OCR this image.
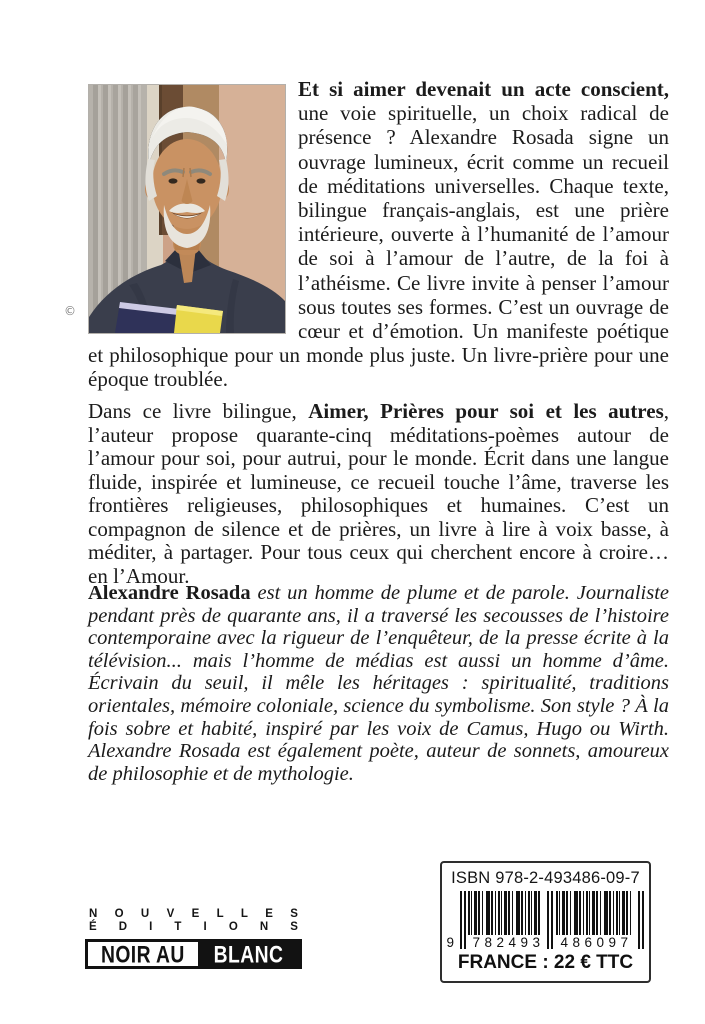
©
Et si aimer devenait un acte conscient, une voie spirituelle, un choix radical de présence ? Alexandre Rosada signe un ouvrage lumineux, écrit comme un recueil de méditations universelles. Chaque texte, bilingue français-anglais, est une prière intérieure, ouverte à l’humanité de l’amour de soi à l’amour de l’autre, de la foi à l’athéisme. Ce livre invite à penser l’amour sous toutes ses formes. C’est un ouvrage de cœur et d’émotion. Un manifeste poétique et philosophique pour un monde plus juste. Un livre-prière pour une époque troublée.
Dans ce livre bilingue, Aimer, Prières pour soi et les autres, l’auteur propose quarante-cinq méditations-poèmes autour de l’amour pour soi, pour autrui, pour le monde. Écrit dans une langue fluide, inspirée et lumineuse, ce recueil touche l’âme, traverse les frontières religieuses, philosophiques et humaines. C’est un compagnon de silence et de prières, un livre à lire à voix basse, à méditer, à partager. Pour tous ceux qui cherchent encore à croire… en l’Amour.
Alexandre Rosada est un homme de plume et de parole. Journaliste pendant près de quarante ans, il a traversé les secousses de l’histoire contemporaine avec la rigueur de l’enquêteur, de la presse écrite à la télévision... mais l’homme de médias est aussi un homme d’âme. Écrivain du seuil, il mêle les héritages : spiritualité, traditions orientales, mémoire coloniale, science du symbolisme. Son style ? À la fois sobre et habité, inspiré par les voix de Camus, Hugo ou Wirth. Alexandre Rosada est également poète, auteur de sonnets, amoureux de philosophie et de mythologie.
N O U V E L L E S
É D I T I O N S
NOIR AU BLANC
ISBN 978-2-493486-09-7
9 782493 486097
FRANCE : 22 € TTC
